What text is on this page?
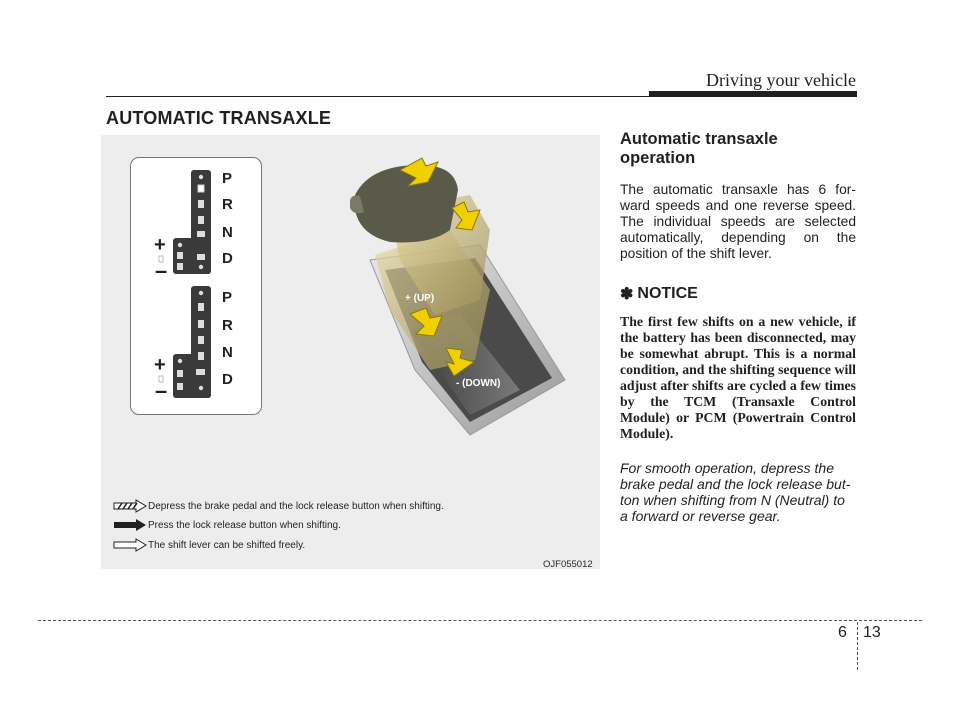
Driving your vehicle
AUTOMATIC TRANSAXLE
P
R
N
D
+
–
P
R
N
D
+
–
+ (UP)
- (DOWN)
Depress the brake pedal and the lock release button when shifting.
Press the lock release button when shifting.
The shift lever can be shifted freely.
OJF055012
Automatic transaxle operation

The automatic transaxle has 6 for-ward speeds and one reverse speed. The individual speeds are selected automatically, depending on the position of the shift lever.

✽ NOTICE

The first few shifts on a new vehicle, if the battery has been disconnected, may be somewhat abrupt. This is a normal condition, and the shifting sequence will adjust after shifts are cycled a few times by the TCM (Transaxle Control Module) or PCM (Powertrain Control Module).

For smooth operation, depress the brake pedal and the lock release but-ton when shifting from N (Neutral) to a forward or reverse gear.

6 13
